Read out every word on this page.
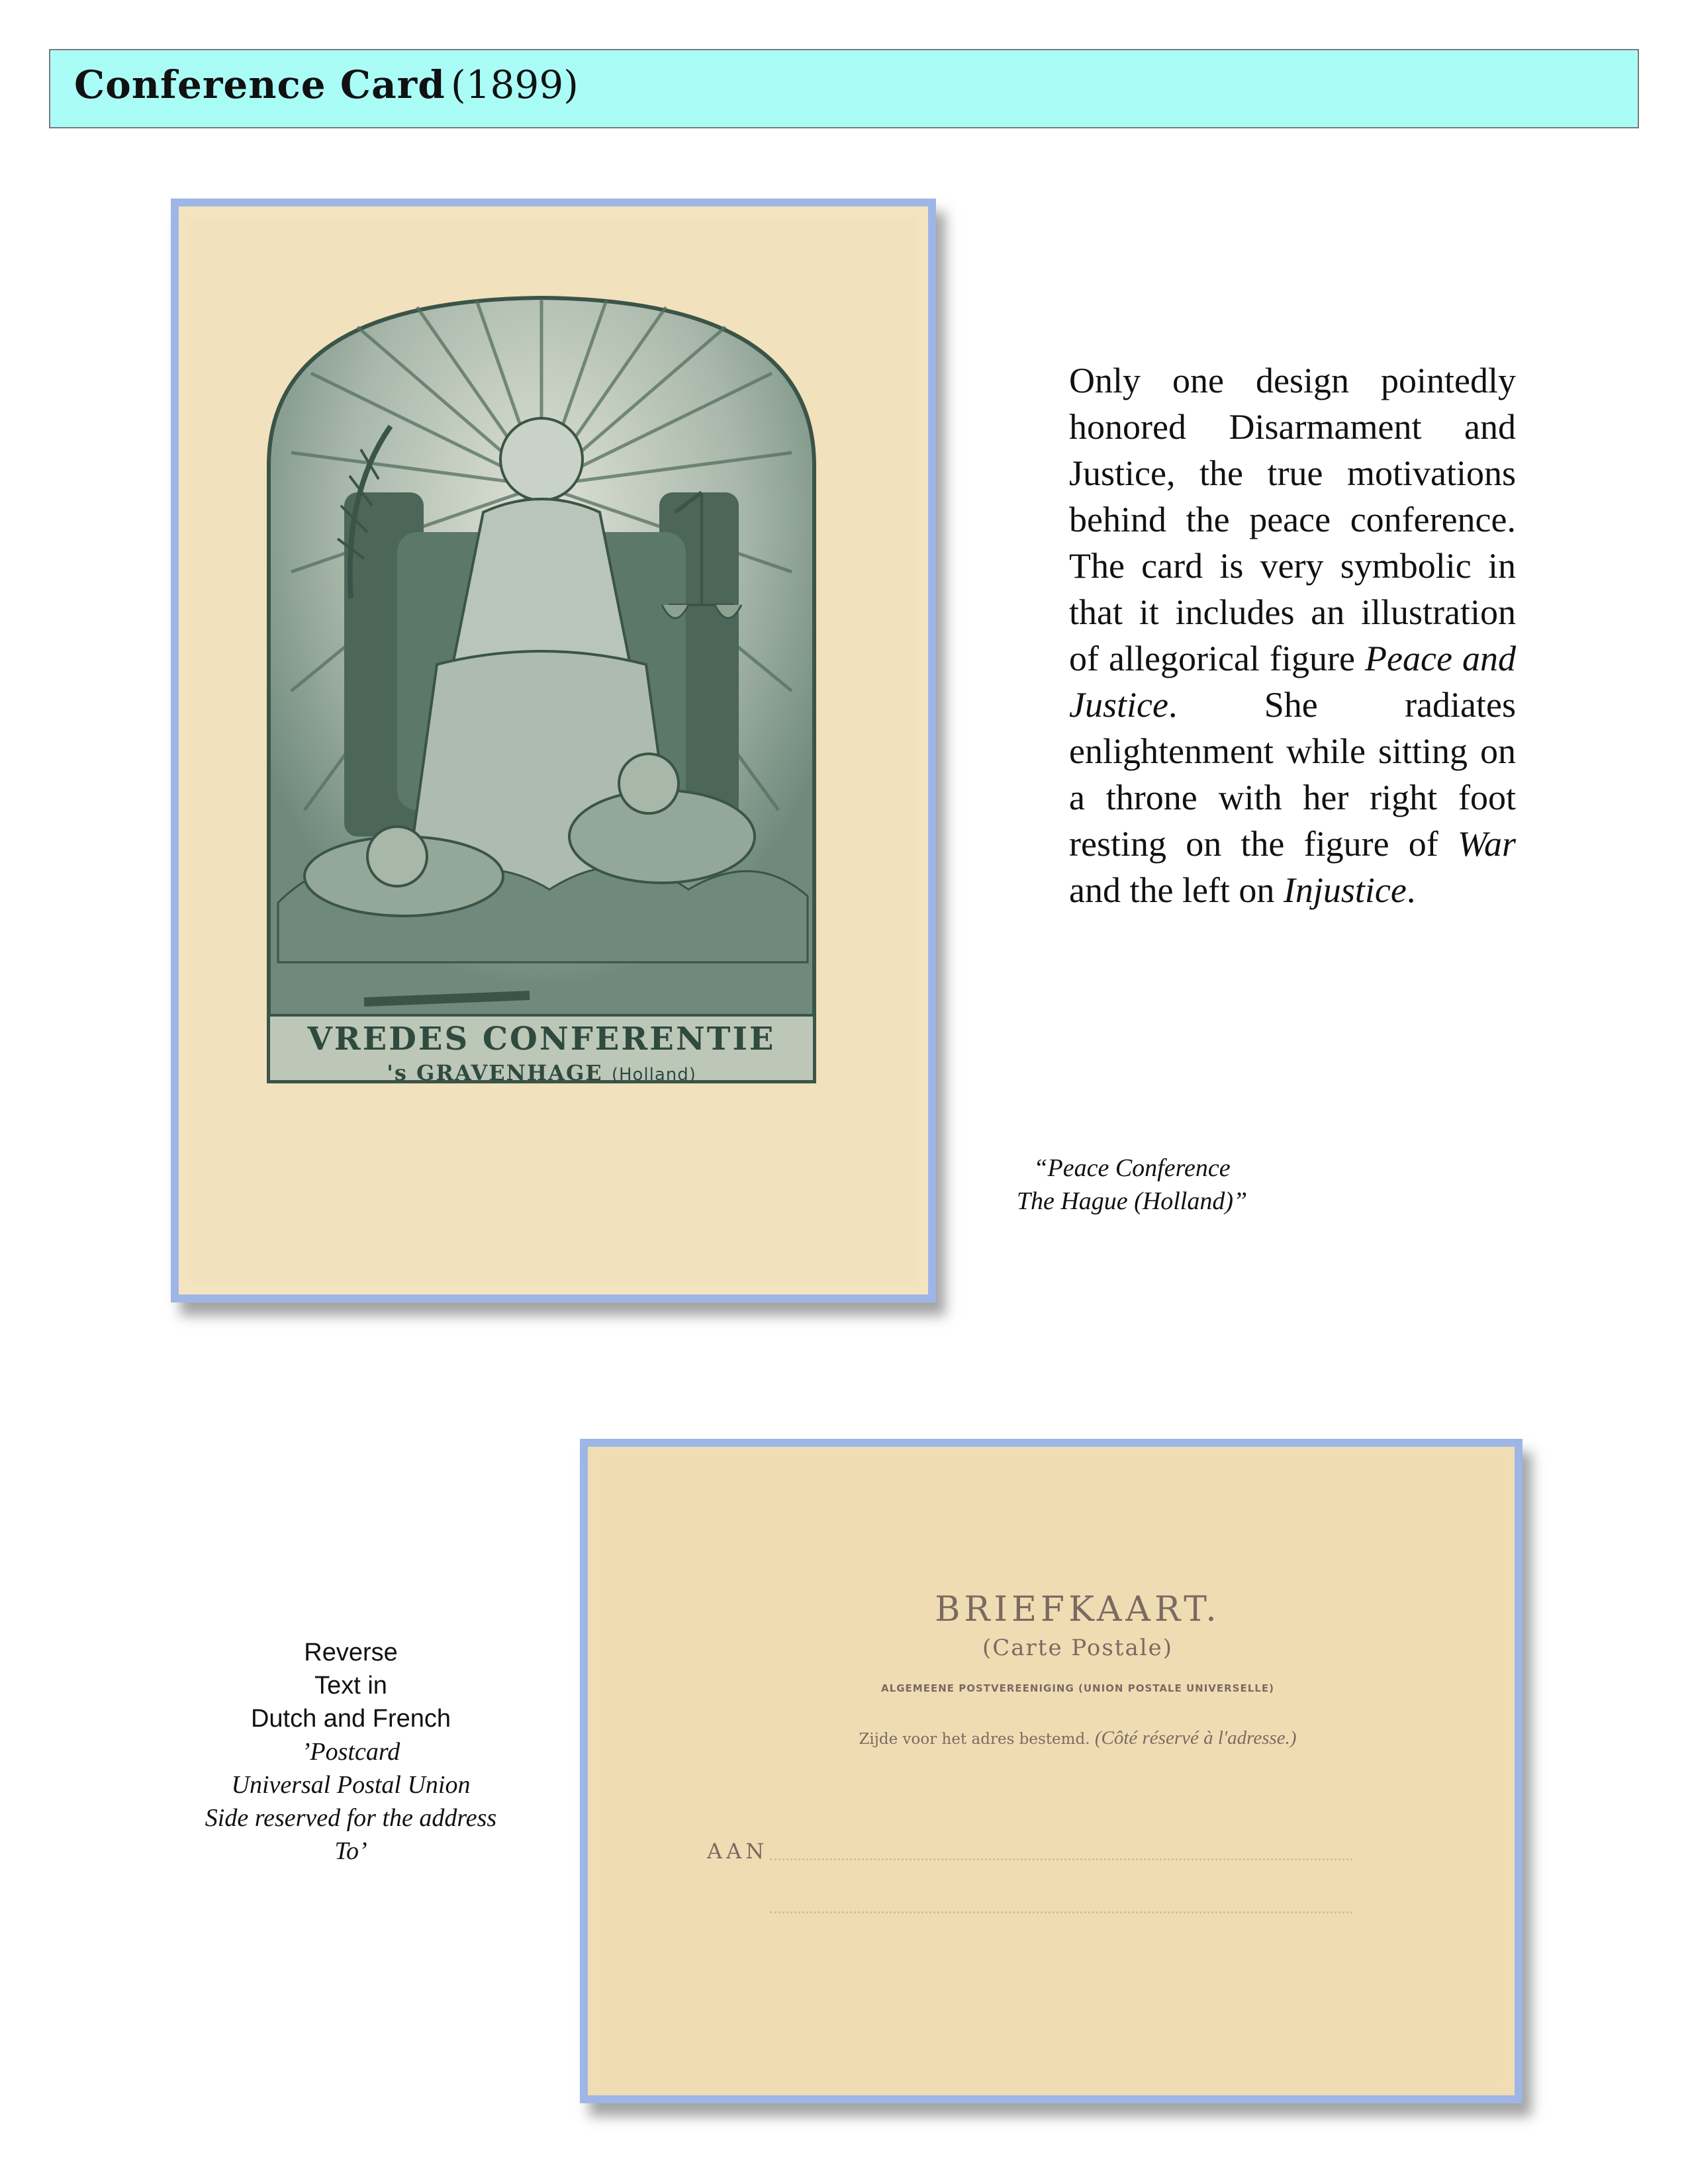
Conference Card (1899)
VREDES CONFERENTIE
's GRAVENHAGE (Holland)
Only one design pointedly honored Disarmament and Justice, the true motivations behind the peace conference. The card is very symbolic in that it includes an illustration of allegorical figure Peace and Justice. She radiates enlightenment while sitting on a throne with her right foot resting on the figure of War and the left on Injustice.
“Peace Conference
The Hague (Holland)”
BRIEFKAART.
(Carte Postale)
ALGEMEENE POSTVEREENIGING (UNION POSTALE UNIVERSELLE)
Zijde voor het adres bestemd. (Côté réservé à l'adresse.)
AAN
Reverse
Text in
Dutch and French
’Postcard
Universal Postal Union
Side reserved for the address
To’
